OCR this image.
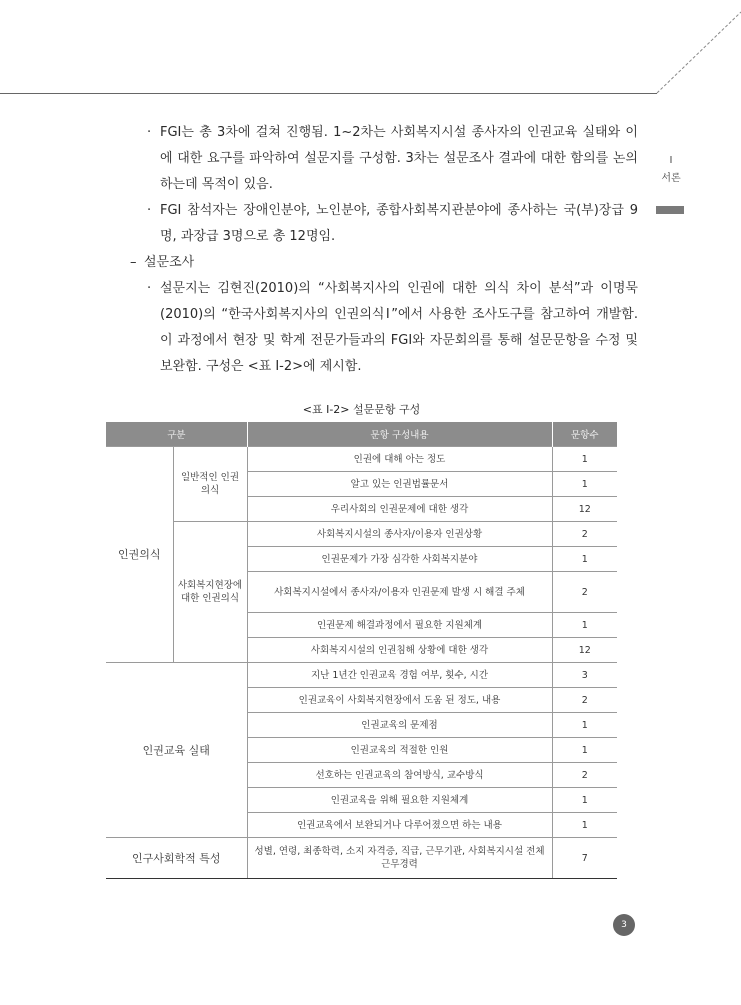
I
서론
· FGI는 총 3차에 걸쳐 진행됨. 1~2차는 사회복지시설 종사자의 인권교육 실태와 이에 대한 요구를 파악하여 설문지를 구성함. 3차는 설문조사 결과에 대한 함의를 논의하는데 목적이 있음.
· FGI 참석자는 장애인분야, 노인분야, 종합사회복지관분야에 종사하는 국(부)장급 9명, 과장급 3명으로 총 12명임.
– 설문조사
· 설문지는 김현진(2010)의 “사회복지사의 인권에 대한 의식 차이 분석”과 이명묵(2010)의 “한국사회복지사의 인권의식Ⅰ”에서 사용한 조사도구를 참고하여 개발함. 이 과정에서 현장 및 학계 전문가들과의 FGI와 자문회의를 통해 설문문항을 수정 및 보완함. 구성은 <표 Ⅰ-2>에 제시함.
<표 Ⅰ-2> 설문문항 구성
구분		문항 구성내용	문항수
인권의식	일반적인 인권의식	인권에 대해 아는 정도	1
		알고 있는 인권법률문서	1
		우리사회의 인권문제에 대한 생각	12
	사회복지현장에 대한 인권의식	사회복지시설의 종사자/이용자 인권상황	2
		인권문제가 가장 심각한 사회복지분야	1
		사회복지시설에서 종사자/이용자 인권문제 발생 시 해결 주체	2
		인권문제 해결과정에서 필요한 지원체계	1
		사회복지시설의 인권침해 상황에 대한 생각	12
인권교육 실태		지난 1년간 인권교육 경험 여부, 횟수, 시간	3
		인권교육이 사회복지현장에서 도움 된 정도, 내용	2
		인권교육의 문제점	1
		인권교육의 적절한 인원	1
		선호하는 인권교육의 참여방식, 교수방식	2
		인권교육을 위해 필요한 지원체계	1
		인권교육에서 보완되거나 다루어졌으면 하는 내용	1
인구사회학적 특성		성별, 연령, 최종학력, 소지 자격증, 직급, 근무기관, 사회복지시설 전체 근무경력	7
3
